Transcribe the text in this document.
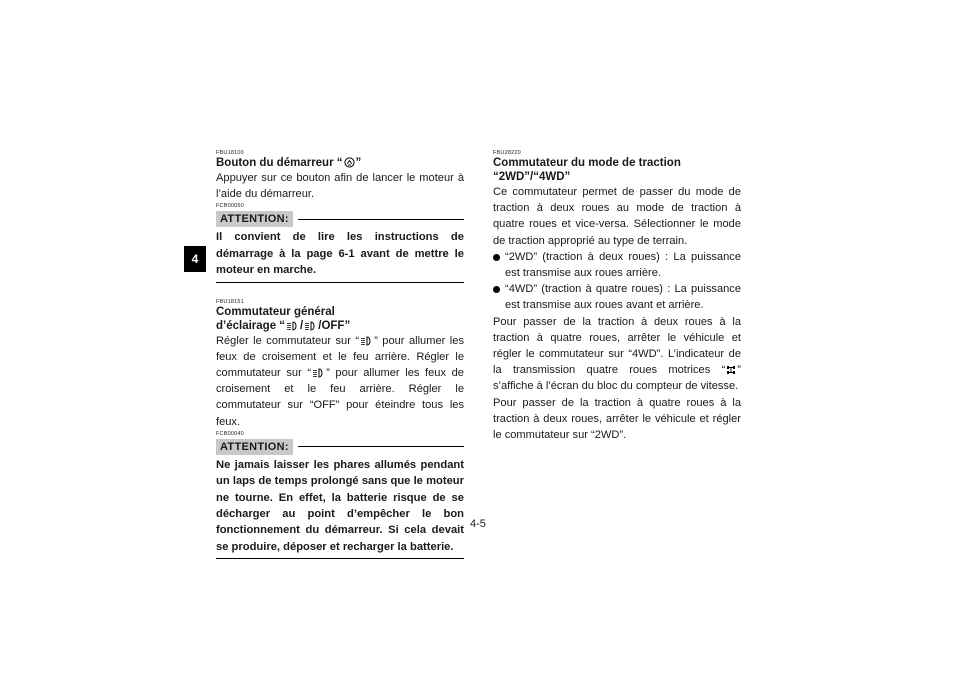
4
FBU18100
Bouton du démarreur “ ”
Appuyer sur ce bouton afin de lancer le moteur à l’aide du démarreur.
FCB00050
ATTENTION:
Il convient de lire les instructions de démarrage à la page 6-1 avant de mettre le moteur en marche.
FBU18151
Commutateur général
d’éclairage “ / /OFF”
Régler le commutateur sur “ ” pour allumer les feux de croisement et le feu arrière. Régler le commutateur sur “ ” pour allumer les feux de croisement et le feu arrière. Régler le commutateur sur “OFF” pour éteindre tous les feux.
FCB00040
ATTENTION:
Ne jamais laisser les phares allumés pendant un laps de temps prolongé sans que le moteur ne tourne. En effet, la batterie risque de se décharger au point d’empêcher le bon fonctionnement du démarreur. Si cela devait se produire, déposer et recharger la batterie.
FBU28220
Commutateur du mode de traction
“2WD”/“4WD”
Ce commutateur permet de passer du mode de traction à deux roues au mode de traction à quatre roues et vice-versa. Sélectionner le mode de traction approprié au type de terrain.
“2WD” (traction à deux roues) : La puissance est transmise aux roues arrière.
“4WD” (traction à quatre roues) : La puissance est transmise aux roues avant et arrière.
Pour passer de la traction à deux roues à la traction à quatre roues, arrêter le véhicule et régler le commutateur sur “4WD”. L’indicateur de la transmission quatre roues motrices “ ” s’affiche à l’écran du bloc du compteur de vitesse.
Pour passer de la traction à quatre roues à la traction à deux roues, arrêter le véhicule et régler le commutateur sur “2WD”.
4-5
